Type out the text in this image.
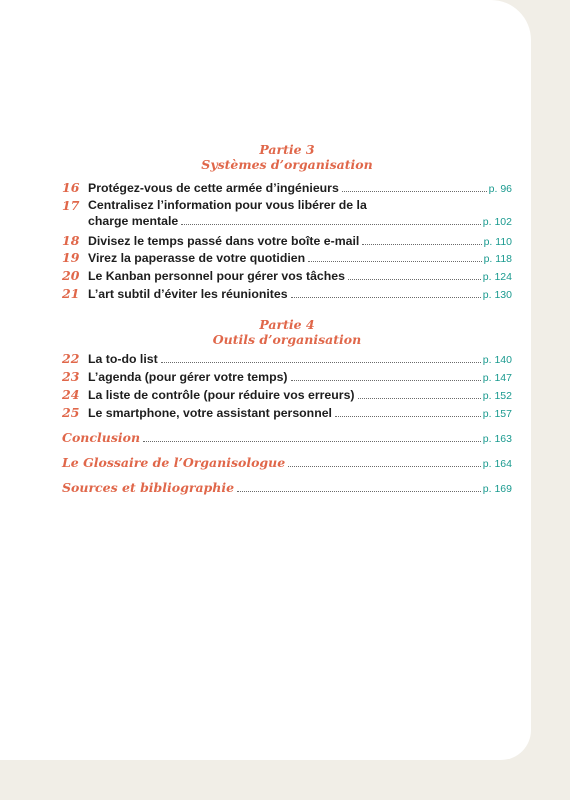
Partie 3
Systèmes d’organisation
16 Protégez-vous de cette armée d’ingénieurs	p. 96
17 Centralisez l’information pour vous libérer de la
charge mentale	p. 102
18 Divisez le temps passé dans votre boîte e-mail	p. 110
19 Virez la paperasse de votre quotidien	p. 118
20 Le Kanban personnel pour gérer vos tâches	p. 124
21 L’art subtil d’éviter les réunionites	p. 130
Partie 4
Outils d’organisation
22 La to-do list	p. 140
23 L’agenda (pour gérer votre temps)	p. 147
24 La liste de contrôle (pour réduire vos erreurs)	p. 152
25 Le smartphone, votre assistant personnel	p. 157
Conclusion	p. 163
Le Glossaire de l’Organisologue	p. 164
Sources et bibliographie	p. 169
